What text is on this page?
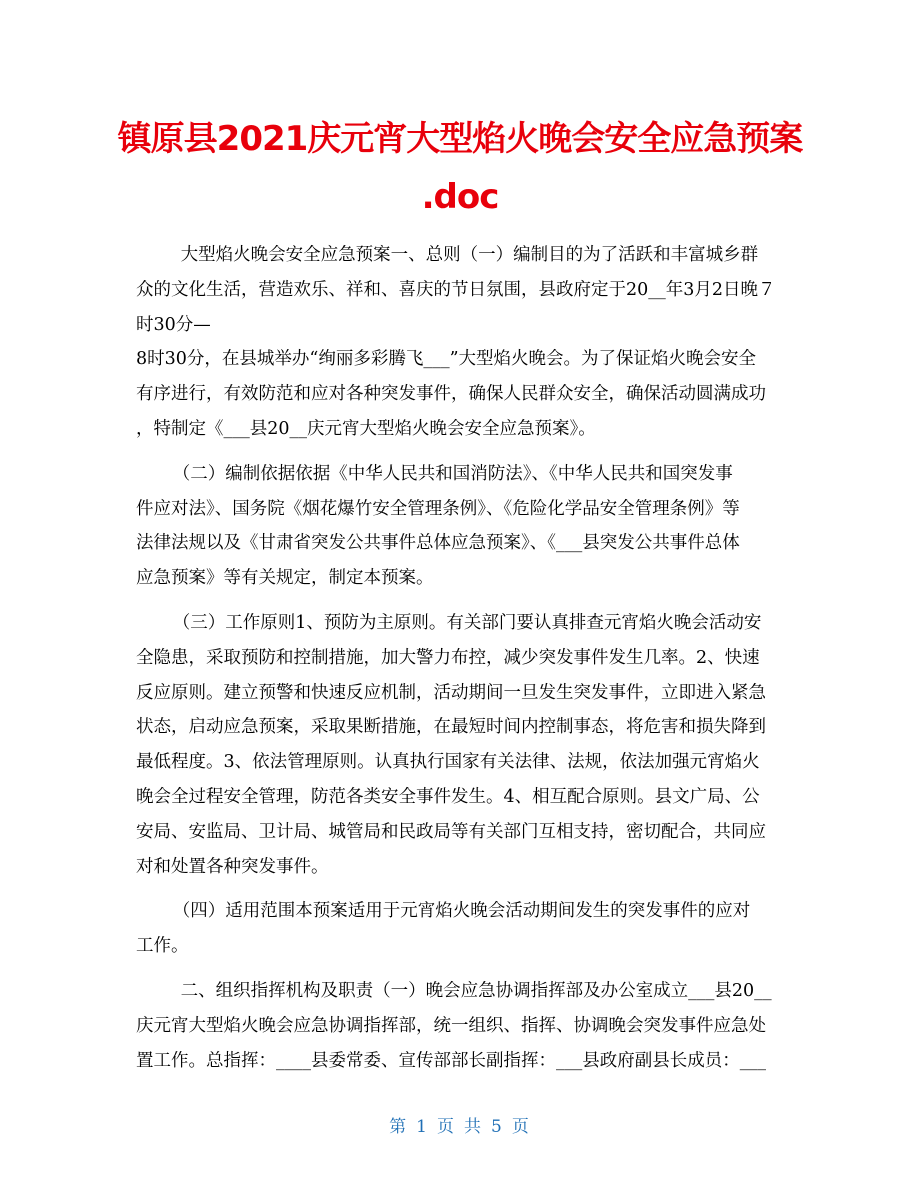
镇原县2021庆元宵大型焰火晚会安全应急预案
.doc
大型焰火晚会安全应急预案一、总则（一）编制目的为了活跃和丰富城乡群
众的文化生活，营造欢乐、祥和、喜庆的节日氛围，县政府定于20__年3月2日晚７
时30分—
8时30分，在县城举办“绚丽多彩腾飞___”大型焰火晚会。为了保证焰火晚会安全
有序进行，有效防范和应对各种突发事件，确保人民群众安全，确保活动圆满成功
，特制定《___县20__庆元宵大型焰火晚会安全应急预案》。
（二）编制依据依据《中华人民共和国消防法》、《中华人民共和国突发事
件应对法》、国务院《烟花爆竹安全管理条例》、《危险化学品安全管理条例》等
法律法规以及《甘肃省突发公共事件总体应急预案》、《___县突发公共事件总体
应急预案》等有关规定，制定本预案。
（三）工作原则1、预防为主原则。有关部门要认真排查元宵焰火晚会活动安
全隐患，采取预防和控制措施，加大警力布控，减少突发事件发生几率。2、快速
反应原则。建立预警和快速反应机制，活动期间一旦发生突发事件，立即进入紧急
状态，启动应急预案，采取果断措施，在最短时间内控制事态，将危害和损失降到
最低程度。3、依法管理原则。认真执行国家有关法律、法规，依法加强元宵焰火
晚会全过程安全管理，防范各类安全事件发生。4、相互配合原则。县文广局、公
安局、安监局、卫计局、城管局和民政局等有关部门互相支持，密切配合，共同应
对和处置各种突发事件。
（四）适用范围本预案适用于元宵焰火晚会活动期间发生的突发事件的应对
工作。
二、组织指挥机构及职责（一）晚会应急协调指挥部及办公室成立___县20__
庆元宵大型焰火晚会应急协调指挥部，统一组织、指挥、协调晚会突发事件应急处
置工作。总指挥：____县委常委、宣传部部长副指挥：___县政府副县长成员：___
第 1 页 共 5 页
